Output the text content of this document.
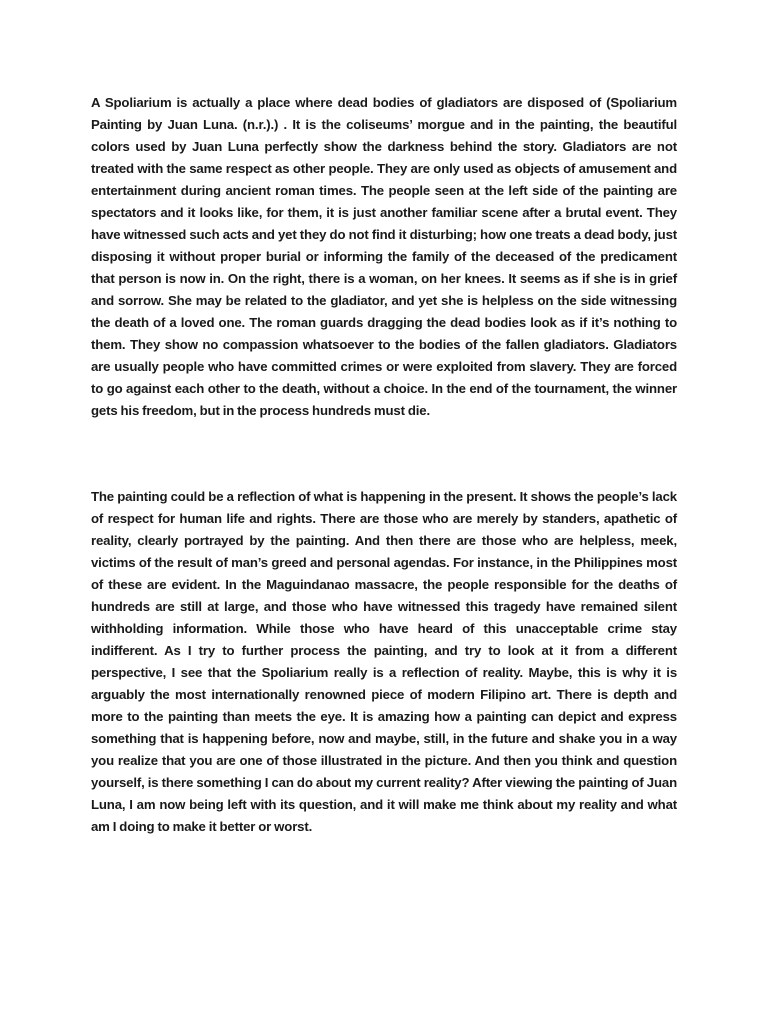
A Spoliarium is actually a place where dead bodies of gladiators are disposed of (Spoliarium Painting by Juan Luna. (n.r.).) . It is the coliseums’ morgue and in the painting, the beautiful colors used by Juan Luna perfectly show the darkness behind the story. Gladiators are not treated with the same respect as other people. They are only used as objects of amusement and entertainment during ancient roman times. The people seen at the left side of the painting are spectators and it looks like, for them, it is just another familiar scene after a brutal event. They have witnessed such acts and yet they do not find it disturbing; how one treats a dead body, just disposing it without proper burial or informing the family of the deceased of the predicament that person is now in. On the right, there is a woman, on her knees. It seems as if she is in grief and sorrow. She may be related to the gladiator, and yet she is helpless on the side witnessing the death of a loved one. The roman guards dragging the dead bodies look as if it’s nothing to them. They show no compassion whatsoever to the bodies of the fallen gladiators. Gladiators are usually people who have committed crimes or were exploited from slavery. They are forced to go against each other to the death, without a choice. In the end of the tournament, the winner gets his freedom, but in the process hundreds must die.

The painting could be a reflection of what is happening in the present. It shows the people’s lack of respect for human life and rights. There are those who are merely by standers, apathetic of reality, clearly portrayed by the painting. And then there are those who are helpless, meek, victims of the result of man’s greed and personal agendas. For instance, in the Philippines most of these are evident. In the Maguindanao massacre, the people responsible for the deaths of hundreds are still at large, and those who have witnessed this tragedy have remained silent withholding information. While those who have heard of this unacceptable crime stay indifferent. As I try to further process the painting, and try to look at it from a different perspective, I see that the Spoliarium really is a reflection of reality. Maybe, this is why it is arguably the most internationally renowned piece of modern Filipino art. There is depth and more to the painting than meets the eye. It is amazing how a painting can depict and express something that is happening before, now and maybe, still, in the future and shake you in a way you realize that you are one of those illustrated in the picture. And then you think and question yourself, is there something I can do about my current reality? After viewing the painting of Juan Luna, I am now being left with its question, and it will make me think about my reality and what am I doing to make it better or worst.
